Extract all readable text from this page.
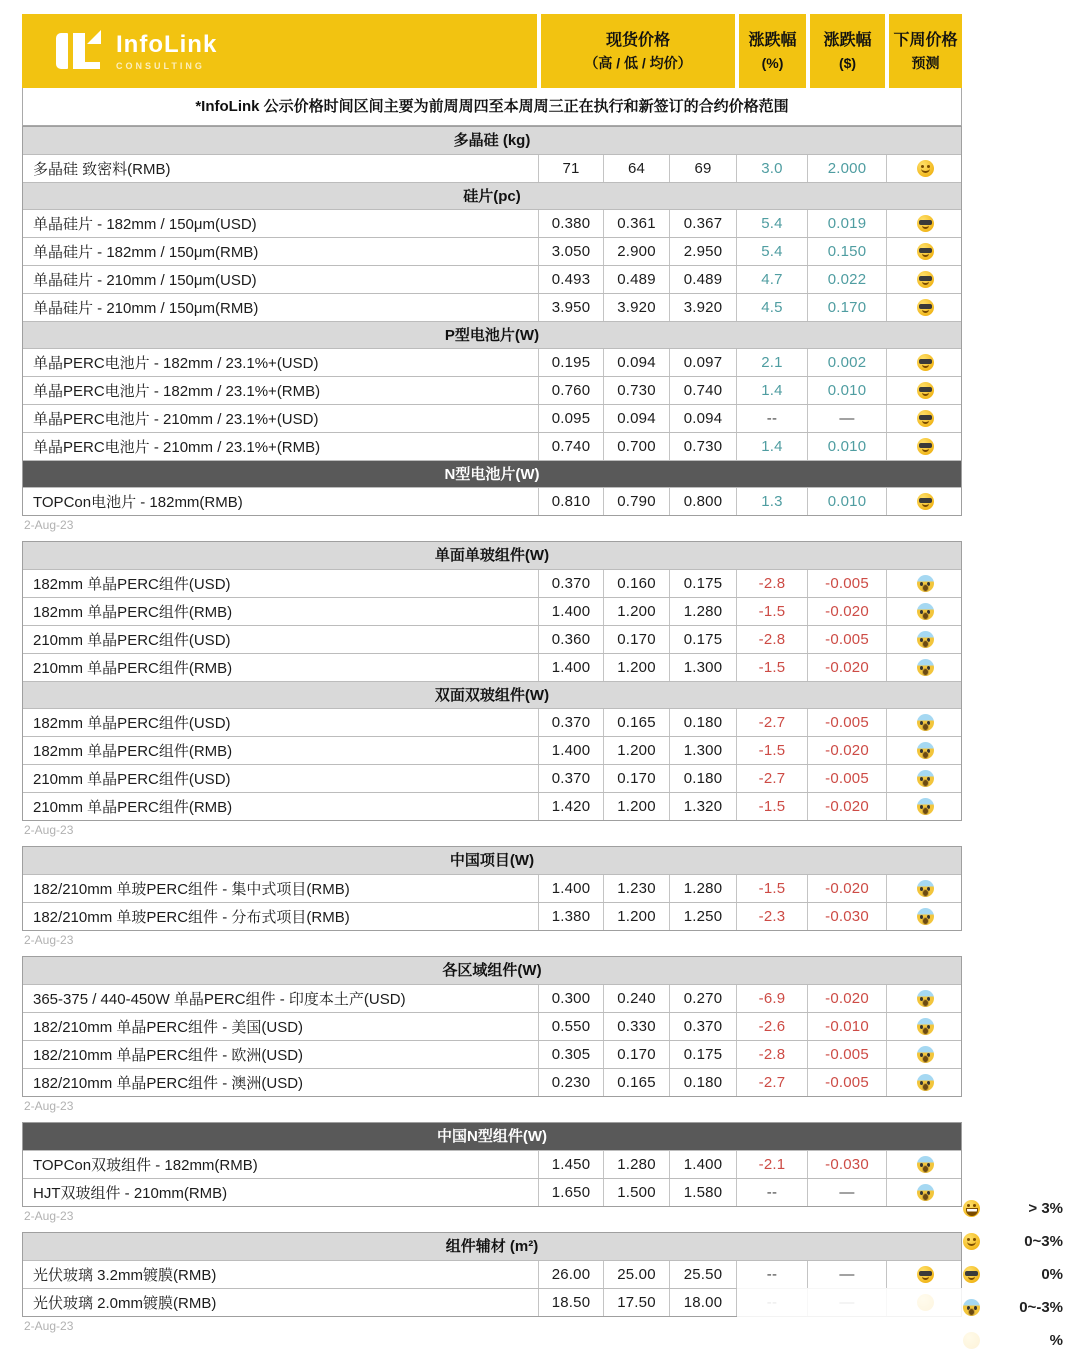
InfoLink
CONSULTING
现货价格
（高 / 低 / 均价）
涨跌幅
(%)
涨跌幅
($)
下周价格
预测
*InfoLink 公示价格时间区间主要为前周周四至本周周三正在执行和新签订的合约价格范围
多晶硅 (kg)
多晶硅 致密料(RMB)	71	64	69	3.0	2.000
硅片(pc)
单晶硅片 - 182mm / 150μm(USD)	0.380	0.361	0.367	5.4	0.019
单晶硅片 - 182mm / 150μm(RMB)	3.050	2.900	2.950	5.4	0.150
单晶硅片 - 210mm / 150μm(USD)	0.493	0.489	0.489	4.7	0.022
单晶硅片 - 210mm / 150μm(RMB)	3.950	3.920	3.920	4.5	0.170
P型电池片(W)
单晶PERC电池片 - 182mm / 23.1%+(USD)	0.195	0.094	0.097	2.1	0.002
单晶PERC电池片 - 182mm / 23.1%+(RMB)	0.760	0.730	0.740	1.4	0.010
单晶PERC电池片 - 210mm / 23.1%+(USD)	0.095	0.094	0.094	--	—
单晶PERC电池片 - 210mm / 23.1%+(RMB)	0.740	0.700	0.730	1.4	0.010
N型电池片(W)
TOPCon电池片 - 182mm(RMB)	0.810	0.790	0.800	1.3	0.010
2-Aug-23
单面单玻组件(W)
182mm 单晶PERC组件(USD)	0.370	0.160	0.175	-2.8	-0.005
182mm 单晶PERC组件(RMB)	1.400	1.200	1.280	-1.5	-0.020
210mm 单晶PERC组件(USD)	0.360	0.170	0.175	-2.8	-0.005
210mm 单晶PERC组件(RMB)	1.400	1.200	1.300	-1.5	-0.020
双面双玻组件(W)
182mm 单晶PERC组件(USD)	0.370	0.165	0.180	-2.7	-0.005
182mm 单晶PERC组件(RMB)	1.400	1.200	1.300	-1.5	-0.020
210mm 单晶PERC组件(USD)	0.370	0.170	0.180	-2.7	-0.005
210mm 单晶PERC组件(RMB)	1.420	1.200	1.320	-1.5	-0.020
2-Aug-23
中国项目(W)
182/210mm 单玻PERC组件 - 集中式项目(RMB)	1.400	1.230	1.280	-1.5	-0.020
182/210mm 单玻PERC组件 - 分布式项目(RMB)	1.380	1.200	1.250	-2.3	-0.030
2-Aug-23
各区域组件(W)
365-375 / 440-450W 单晶PERC组件 - 印度本土产(USD)	0.300	0.240	0.270	-6.9	-0.020
182/210mm 单晶PERC组件 - 美国(USD)	0.550	0.330	0.370	-2.6	-0.010
182/210mm 单晶PERC组件 - 欧洲(USD)	0.305	0.170	0.175	-2.8	-0.005
182/210mm 单晶PERC组件 - 澳洲(USD)	0.230	0.165	0.180	-2.7	-0.005
2-Aug-23
中国N型组件(W)
TOPCon双玻组件 - 182mm(RMB)	1.450	1.280	1.400	-2.1	-0.030
HJT双玻组件 - 210mm(RMB)	1.650	1.500	1.580	--	—
2-Aug-23
组件辅材 (m²)
光伏玻璃 3.2mm镀膜(RMB)	26.00	25.00	25.50	--	—
光伏玻璃 2.0mm镀膜(RMB)	18.50	17.50	18.00
2-Aug-23
> 3%
0~3%
0%
0~-3%
%
